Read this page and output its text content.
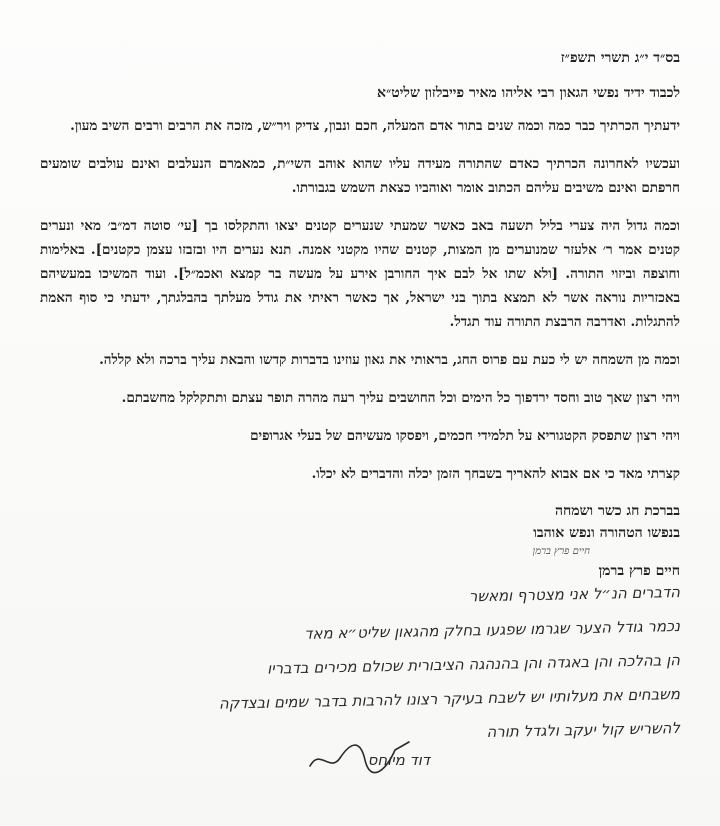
בס״ד י״ג תשרי תשפ״ז
לכבוד ידיד נפשי הגאון רבי אליהו מאיר פייבלזון שליט״א

ידעתיך הכרתיך כבר כמה וכמה שנים בתור אדם המעלה, חכם ונבון, צדיק ויר״ש, מזכה את הרבים ורבים השיב מעון.

ועכשיו לאחרונה הכרתיך כאדם שהתורה מעידה עליו שהוא אוהב השי״ת, כמאמרם הנעלבים ואינם עולבים שומעים חרפתם ואינם משיבים עליהם הכתוב אומר ואוהביו כצאת השמש בגבורתו.

וכמה גדול היה צערי בליל תשעה באב כאשר שמעתי שנערים קטנים יצאו והתקלסו בך [עי׳ סוטה דמ״ב׳ מאי ונערים קטנים אמר ר׳ אלעזר שמנוערים מן המצות, קטנים שהיו מקטני אמנה. תנא נערים היו ובזבזו עצמן כקטנים]. באלימות וחוצפה וביזוי התורה. [ולא שתו אל לבם איך החורבן אירע על מעשה בר קמצא ואכמ״ל]. ועוד המשיכו במעשיהם באכזריות נוראה אשר לא תמצא בתוך בני ישראל, אך כאשר ראיתי את גודל מעלתך בהבלגתך, ידעתי כי סוף האמת להתגלות. ואדרבה הרבצת התורה עוד תגדל.

וכמה מן השמחה יש לי כעת עם פרוס החג, בראותי את גאון עוזינו בדברות קדשו והבאת עליך ברכה ולא קללה.

ויהי רצון שאך טוב וחסד ירדפוך כל הימים וכל החושבים עליך רעה מהרה תופר עצתם ותתקלקל מחשבתם.

ויהי רצון שתפסק הקטגוריא על תלמידי חכמים, ויפסקו מעשיהם של בעלי אגרופים

קצרתי מאד כי אם אבוא להאריך בשבחך הזמן יכלה והדברים לא יכלו.

בברכת חג כשר ושמחה
בנפשו הטהורה ונפש אוהבו
חיים פרץ ברמן
חיים פרץ ברמן
הדברים הנ״ל אני מצטרף ומאשר
נכמר גודל הצער שגרמו שפגעו בחלק מהגאון שליט״א מאד
הן בהלכה והן באגדה והן בהנהגה הציבורית שכולם מכירים בדבריו
משבחים את מעלותיו יש לשבח בעיקר רצונו להרבות בדבר שמים ובצדקה
להשריש קול יעקב ולגדל תורה
דוד מיוחס
